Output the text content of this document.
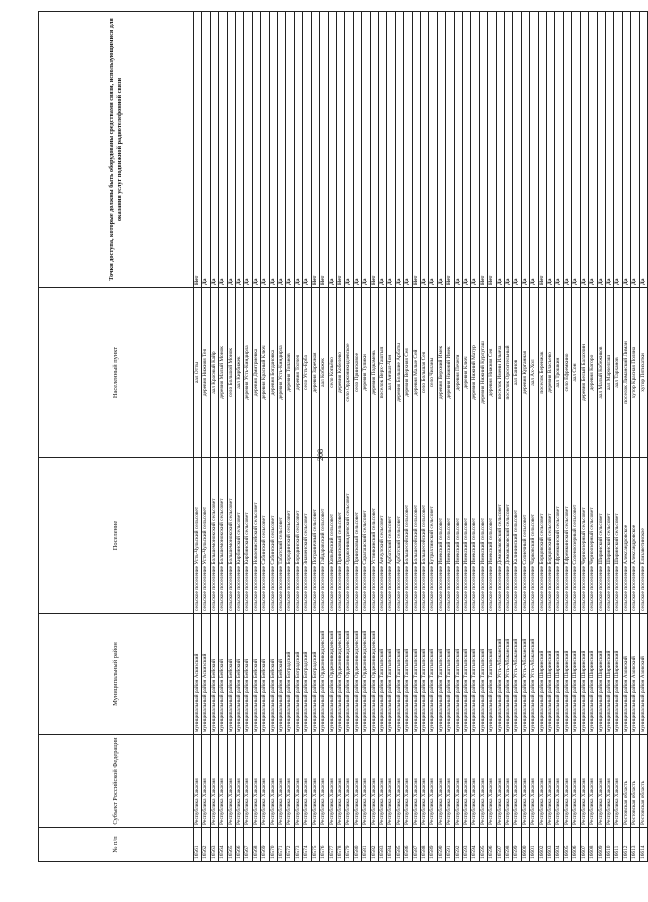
208
№ п/п	Субъект Российской Федерации	Муниципальный район	Поселение	Населенный пункт	Точки доступа, которые должны быть оборудованы средствами связи, использующимися для оказания услуг подвижной радиотелефонной связи
16561	Республика Хакасия	муниципальный район Аскизский	сельское поселение Усть-Чульский сельсовет	аал Отты	Нет
16562	Республика Хакасия	муниципальный район Аскизский	сельское поселение Усть-Чульский сельсовет	деревня Нижняя Тея	Да
16563	Республика Хакасия	муниципальный район Бейский	сельское поселение Большемонокский сельсовет	аал Красный Кайр	Да
16564	Республика Хакасия	муниципальный район Бейский	сельское поселение Большемонокский сельсовет	деревня Малый Монок	Да
16565	Республика Хакасия	муниципальный район Бейский	сельское поселение Большемонокский сельсовет	село Большой Монок	Да
16566	Республика Хакасия	муниципальный район Бейский	сельское поселение Кирбинский сельсовет	аал Кирбижек	Да
16567	Республика Хакасия	муниципальный район Бейский	сельское поселение Кирбинский сельсовет	деревня Усть-Киндирла	Да
16568	Республика Хакасия	муниципальный район Бейский	сельское поселение Новоенисейский сельсовет	деревня Дмитриевка	Да
16569	Республика Хакасия	муниципальный район Бейский	сельское поселение Сабинский сельсовет	деревня Красный Ключ	Да
16570	Республика Хакасия	муниципальный район Бейский	сельское поселение Сабинский сельсовет	деревня Богдановка	Да
16571	Республика Хакасия	муниципальный район Бейский	сельское поселение Табатский сельсовет	деревня Усть-Киндирла	Да
16572	Республика Хакасия	муниципальный район Боградский	сельское поселение Бородинский сельсовет	деревня Топанов	Да
16573	Республика Хакасия	муниципальный район Боградский	сельское поселение Бородинский сельсовет	деревня Толчея	Да
16574	Республика Хакасия	муниципальный район Боградский	сельское поселение Знаменский сельсовет	село Усть-Ерба	Да
16575	Республика Хакасия	муниципальный район Боградский	сельское поселение Пограничный сельсовет	деревня Заречная	Нет
16576	Республика Хакасия	муниципальный район Орджоникидзевский	сельское поселение Гайдаровский сельсовет	аал Кобяжек	Нет
16577	Республика Хакасия	муниципальный район Орджоникидзевский	сельское поселение Копьёвский сельсовет	село Копьёво	Да
16578	Республика Хакасия	муниципальный район Орджоникидзевский	сельское поселение Приисковый сельсовет	деревня Кобелево	Нет
16579	Республика Хакасия	муниципальный район Орджоникидзевский	сельское поселение Орджоникидзевский сельсовет	село Орджоникидзевское	Да
16580	Республика Хакасия	муниципальный район Орджоникидзевский	сельское поселение Приисковый сельсовет	село Приисковое	Да
16581	Республика Хакасия	муниципальный район Орджоникидзевский	сельское поселение Сарагашский сельсовет	деревня Тупики	Да
16582	Республика Хакасия	муниципальный район Орджоникидзевский	сельское поселение Устинкинский сельсовет	деревня Подкамень	Нет
16583	Республика Хакасия	муниципальный район Таштыпский	сельское поселение Анчулский сельсовет	поселок Верх-Таштып	Да
16584	Республика Хакасия	муниципальный район Таштыпский	сельское поселение Арбатский сельсовет	аал Анчыл-Чон	Да
16585	Республика Хакасия	муниципальный район Таштыпский	сельское поселение Арбатский сельсовет	деревня Большие Арбаты	Да
16586	Республика Хакасия	муниципальный район Таштыпский	сельское поселение Большесейский сельсовет	деревня Верхняя Сея	Да
16587	Республика Хакасия	муниципальный район Таштыпский	сельское поселение Большесейский сельсовет	деревня Малые Сей	Нет
16588	Республика Хакасия	муниципальный район Таштыпский	сельское поселение Большесейский сельсовет	село Большая Сея	Да
16589	Республика Хакасия	муниципальный район Таштыпский	сельское поселение Бутрахтинский сельсовет	село Чиланы	Да
16590	Республика Хакасия	муниципальный район Таштыпский	сельское поселение Имекский сельсовет	деревня Верхний Имек	Да
16591	Республика Хакасия	муниципальный район Таштыпский	сельское поселение Имекский сельсовет	деревня Нижний Имек	Нет
16592	Республика Хакасия	муниципальный район Таштыпский	сельское поселение Имекский сельсовет	деревня Печеги	Да
16593	Республика Хакасия	муниципальный район Таштыпский	сельское поселение Имекский сельсовет	деревня Ключ	Да
16594	Республика Хакасия	муниципальный район Таштыпский	сельское поселение Имекский сельсовет	деревня Нижний Матур	Да
16595	Республика Хакасия	муниципальный район Таштыпский	сельское поселение Имекский сельсовет	деревня Нижний Курлугаш	Нет
16596	Республика Хакасия	муниципальный район Таштыпский	сельское поселение Имекский сельсовет	деревня Нижняя Сея	Нет
16597	Республика Хакасия	муниципальный район Усть-Абаканский	сельское поселение Доможаковский сельсовет	поселок Имени Ильича	Да
16598	Республика Хакасия	муниципальный район Усть-Абаканский	сельское поселение Доможаковский сельсовет	поселок Оросительный	Да
16599	Республика Хакасия	муниципальный район Усть-Абаканский	сельское поселение Калининский сельсовет	аал Баинов	Да
16600	Республика Хакасия	муниципальный район Усть-Абаканский	сельское поселение Солнечный сельсовет	деревня Курганная	Да
16601	Республика Хакасия	муниципальный район Усть-Абаканский	сельское поселение Чарковский сельсовет	аал Ах-Хол	Да
16602	Республика Хакасия	муниципальный район Ширинский	сельское поселение Борцовский сельсовет	поселок Беренжак	Нет
16603	Республика Хакасия	муниципальный район Ширинский	сельское поселение Борцовский сельсовет	деревня Власьево	Да
16604	Республика Хакасия	муниципальный район Ширинский	сельское поселение Ефремкинский сельсовет	аал Трошкин	Да
16605	Республика Хакасия	муниципальный район Ширинский	сельское поселение Ефремкинский сельсовет	село Ефремкино	Да
16606	Республика Хакасия	муниципальный район Ширинский	сельское поселение Соленоозерный сельсовет	аал Сон	Да
16607	Республика Хакасия	муниципальный район Ширинский	сельское поселение Черноозерный сельсовет	деревня Белый Балахчин	Да
16608	Республика Хакасия	муниципальный район Ширинский	сельское поселение Черноозерный сельсовет	деревня Когоро	Да
16609	Республика Хакасия	муниципальный район Ширинский	сельское поселение Ширинский сельсовет	аал Малый Кобежиков	Да
16610	Республика Хакасия	муниципальный район Ширинский	сельское поселение Ширинский сельсовет	аал Марчелгаш	Да
16611	Республика Хакасия	муниципальный район Ширинский	сельское поселение Ширинский сельсовет	аал Тарханов	Да
16612	Ростовская область	муниципальный район Азовский	сельское поселение Александровское	поселок Лиманский Лиман	Да
16613	Ростовская область	муниципальный район Азовский	сельское поселение Александровское	хутор Красная Поляна	Да
16614	Ростовская область	муниципальный район Азовский	сельское поселение Елизаветинское	хутор Пятихатки	Да
